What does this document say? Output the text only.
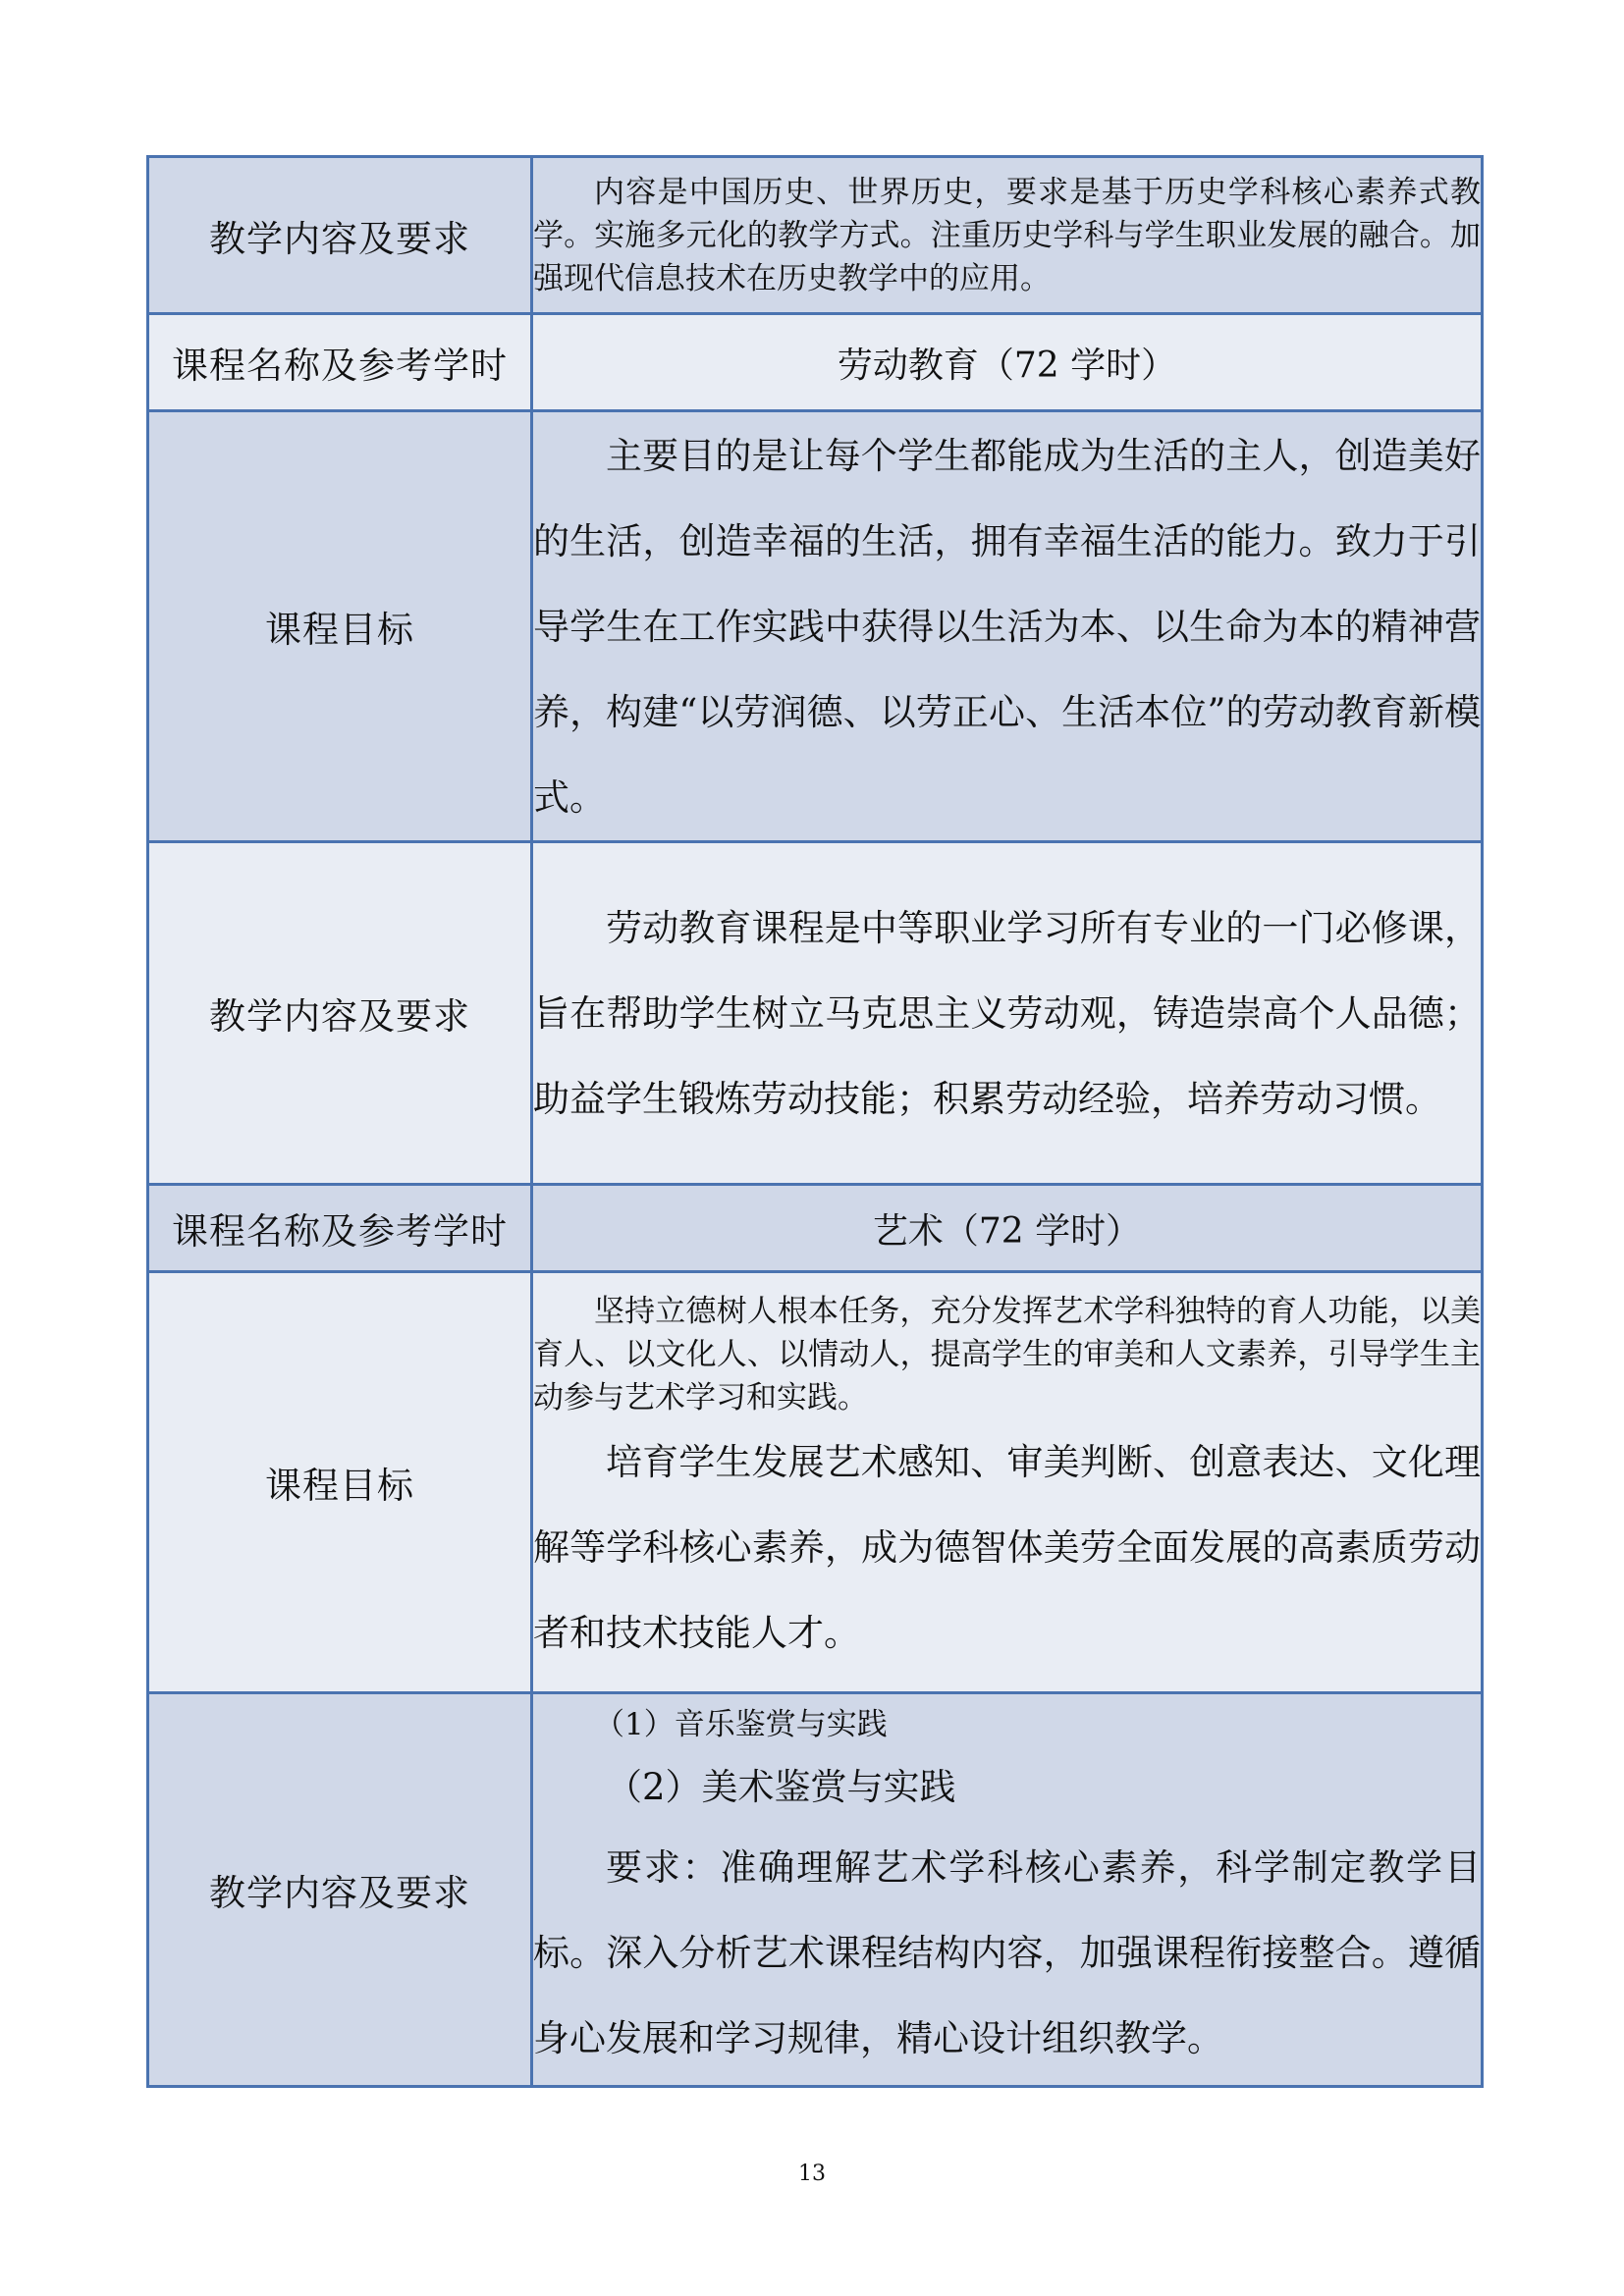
教学内容及要求	内容是中国历史、世界历史，要求是基于历史学科核心素养式教学。实施多元化的教学方式。注重历史学科与学生职业发展的融合。加强现代信息技术在历史教学中的应用。

课程名称及参考学时	劳动教育（72 学时）
课程目标	主要目的是让每个学生都能成为生活的主人，创造美好的生活，创造幸福的生活，拥有幸福生活的能力。致力于引导学生在工作实践中获得以生活为本、以生命为本的精神营养，构建“以劳润德、以劳正心、生活本位”的劳动教育新模式。

教学内容及要求	劳动教育课程是中等职业学习所有专业的一门必修课，旨在帮助学生树立马克思主义劳动观，铸造崇高个人品德；助益学生锻炼劳动技能；积累劳动经验，培养劳动习惯。

课程名称及参考学时	艺术（72 学时）
课程目标	坚持立德树人根本任务，充分发挥艺术学科独特的育人功能，以美育人、以文化人、以情动人，提高学生的审美和人文素养，引导学生主动参与艺术学习和实践。

培育学生发展艺术感知、审美判断、创意表达、文化理解等学科核心素养，成为德智体美劳全面发展的高素质劳动者和技术技能人才。

教学内容及要求	（1）音乐鉴赏与实践

（2）美术鉴赏与实践

要求：准确理解艺术学科核心素养，科学制定教学目标。深入分析艺术课程结构内容，加强课程衔接整合。遵循身心发展和学习规律，精心设计组织教学。

13
